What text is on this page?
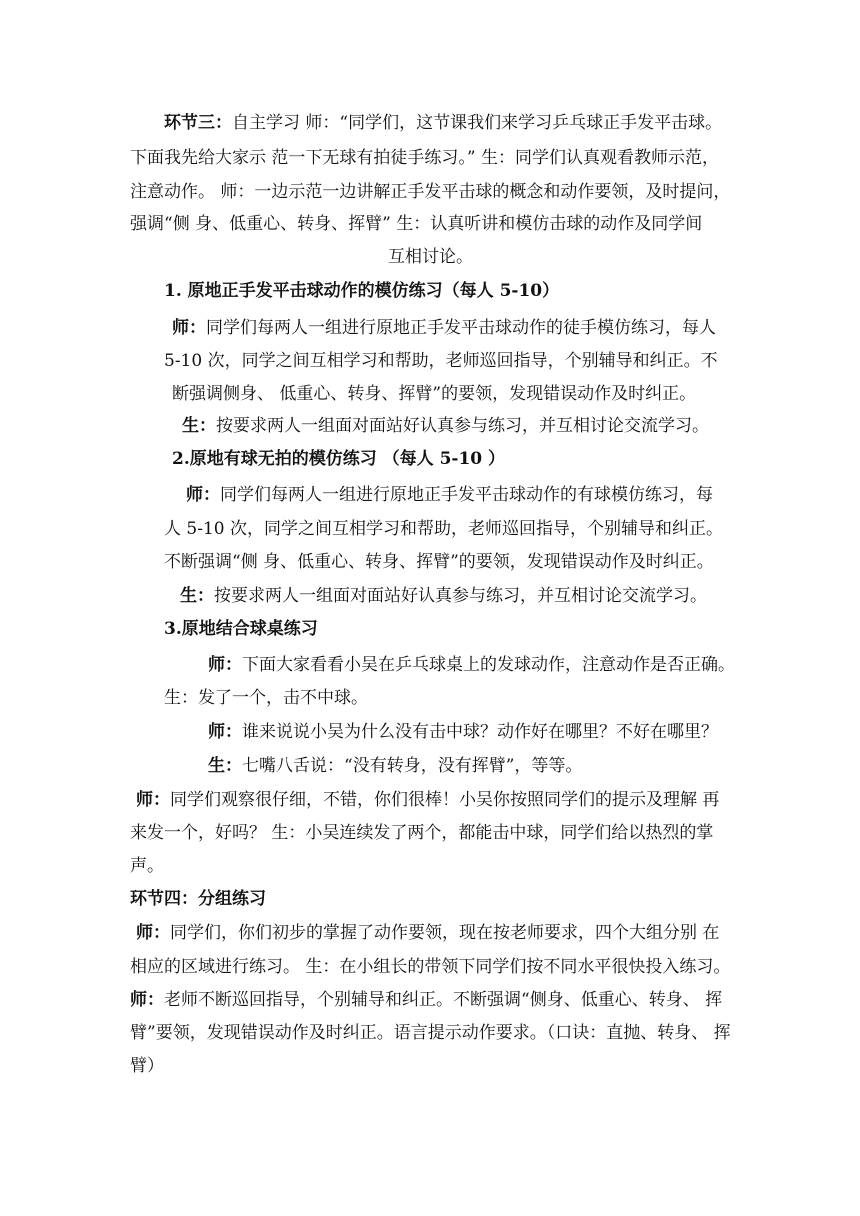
环节三：自主学习 师：“同学们，这节课我们来学习乒乓球正手发平击球。
下面我先给大家示 范一下无球有拍徒手练习。” 生：同学们认真观看教师示范，
注意动作。 师：一边示范一边讲解正手发平击球的概念和动作要领，及时提问，
强调“侧 身、低重心、转身、挥臂” 生：认真听讲和模仿击球的动作及同学间
互相讨论。
1. 原地正手发平击球动作的模仿练习（每人 5-10）
师：同学们每两人一组进行原地正手发平击球动作的徒手模仿练习，每人
5-10 次，同学之间互相学习和帮助，老师巡回指导，个别辅导和纠正。不
断强调侧身、 低重心、转身、挥臂”的要领，发现错误动作及时纠正。
生：按要求两人一组面对面站好认真参与练习，并互相讨论交流学习。
2.原地有球无拍的模仿练习 （每人 5-10 ）
师：同学们每两人一组进行原地正手发平击球动作的有球模仿练习，每
人 5-10 次，同学之间互相学习和帮助，老师巡回指导，个别辅导和纠正。
不断强调“侧 身、低重心、转身、挥臂”的要领，发现错误动作及时纠正。
生：按要求两人一组面对面站好认真参与练习，并互相讨论交流学习。
3.原地结合球桌练习
师：下面大家看看小吴在乒乓球桌上的发球动作，注意动作是否正确。
生：发了一个，击不中球。
师：谁来说说小吴为什么没有击中球？动作好在哪里？不好在哪里？
生：七嘴八舌说：“没有转身，没有挥臂”，等等。
师：同学们观察很仔细，不错，你们很棒！小吴你按照同学们的提示及理解 再
来发一个，好吗？ 生：小吴连续发了两个，都能击中球，同学们给以热烈的掌
声。
环节四：分组练习
师：同学们，你们初步的掌握了动作要领，现在按老师要求，四个大组分别 在
相应的区域进行练习。 生：在小组长的带领下同学们按不同水平很快投入练习。
师：老师不断巡回指导，个别辅导和纠正。不断强调“侧身、低重心、转身、 挥
臂”要领，发现错误动作及时纠正。语言提示动作要求。（口诀：直抛、转身、 挥
臂）
